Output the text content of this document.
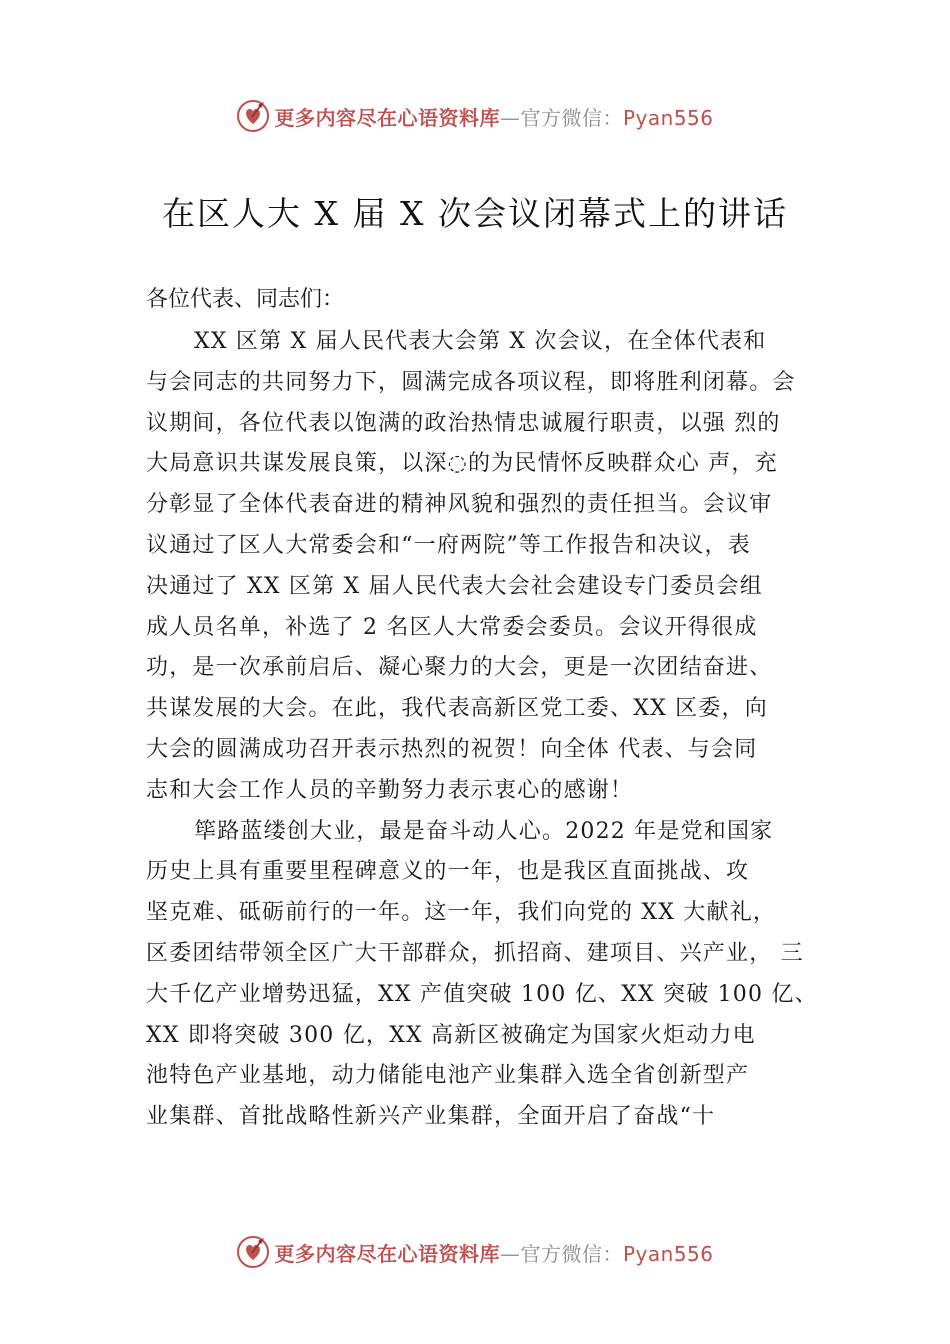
更多内容尽在心语资料库—官方微信：Pyan556
在区人大 X 届 X 次会议闭幕式上的讲话

各位代表、同志们：

XX 区第 X 届人民代表大会第 X 次会议，在全体代表和
与会同志的共同努力下，圆满完成各项议程，即将胜利闭幕。会
议期间，各位代表以饱满的政治热情忠诚履行职责，以强 烈的
大局意识共谋发展良策，以深◌的为民情怀反映群众心 声，充
分彰显了全体代表奋进的精神风貌和强烈的责任担当。会议审
议通过了区人大常委会和“一府两院”等工作报告和决议，表
决通过了 XX 区第 X 届人民代表大会社会建设专门委员会组
成人员名单，补选了 2 名区人大常委会委员。会议开得很成
功，是一次承前启后、凝心聚力的大会，更是一次团结奋进、
共谋发展的大会。在此，我代表高新区党工委、XX 区委，向
大会的圆满成功召开表示热烈的祝贺！向全体 代表、与会同
志和大会工作人员的辛勤努力表示衷心的感谢！

筚路蓝缕创大业，最是奋斗动人心。2022 年是党和国家
历史上具有重要里程碑意义的一年，也是我区直面挑战、攻
坚克难、砥砺前行的一年。这一年，我们向党的 XX 大献礼，
区委团结带领全区广大干部群众，抓招商、建项目、兴产业， 三
大千亿产业增势迅猛，XX 产值突破 100 亿、XX 突破 100 亿、
XX 即将突破 300 亿，XX 高新区被确定为国家火炬动力电
池特色产业基地，动力储能电池产业集群入选全省创新型产
业集群、首批战略性新兴产业集群，全面开启了奋战“十

更多内容尽在心语资料库—官方微信：Pyan556
